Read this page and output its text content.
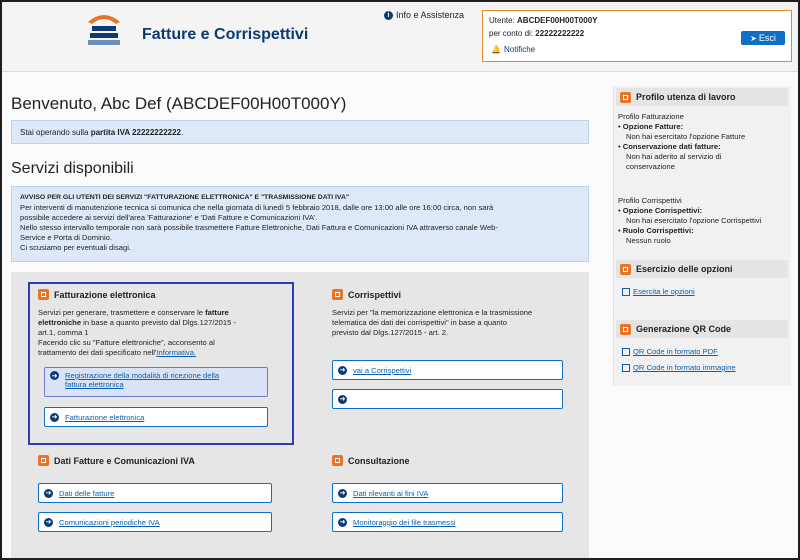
Fatture e Corrispettivi
i Info e Assistenza
Utente: ABCDEF00H00T000Y
per conto di: 22222222222
🔔 Notifiche
➤ Esci
Benvenuto, Abc Def (ABCDEF00H00T000Y)
Stai operando sulla partita IVA 22222222222.
Servizi disponibili
AVVISO PER GLI UTENTI DEI SERVIZI "FATTURAZIONE ELETTRONICA" E "TRASMISSIONE DATI IVA"
Per interventi di manutenzione tecnica si comunica che nella giornata di lunedì 5 febbraio 2018, dalle ore 13:00 alle ore 16:00 circa, non sarà
possibile accedere ai servizi dell'area 'Fatturazione' e 'Dati Fatture e Comunicazioni IVA'.
Nello stesso intervallo temporale non sarà possibile trasmettere Fatture Elettroniche, Dati Fattura e Comunicazioni IVA attraverso canale Web-
Service e Porta di Dominio.
Ci scusiamo per eventuali disagi.
Fatturazione elettronica
Servizi per generare, trasmettere e conservare le fatture
elettroniche in base a quanto previsto dal Dlgs.127/2015 -
art.1, comma 1
Facendo clic su "Fatture elettroniche", acconsento al
trattamento dei dati specificato nell'Informativa.
➜ Registrazione della modalità di ricezione della
fattura elettronica
➜ Fatturazione elettronica
Corrispettivi
Servizi per "la memorizzazione elettronica e la trasmissione
telematica dei dati dei corrispettivi" in base a quanto
previsto dal Dlgs.127/2015 - art. 2.
➜ vai a Corrispettivi
➜
Dati Fatture e Comunicazioni IVA
➜ Dati delle fatture
➜ Comunicazioni periodiche IVA
Consultazione
➜ Dati rilevanti ai fini IVA
➜ Monitoraggio dei file trasmessi
Profilo utenza di lavoro
Profilo Fatturazione
• Opzione Fatture:
Non hai esercitato l'opzione Fatture
• Conservazione dati fatture:
Non hai aderito al servizio di
conservazione
Profilo Corrispettivi
• Opzione Corrispettivi:
Non hai esercitato l'opzione Corrispettivi
• Ruolo Corrispettivi:
Nessun ruolo
Esercizio delle opzioni
Esercita le opzioni
Generazione QR Code
QR Code in formato PDF
QR Code in formato immagine
